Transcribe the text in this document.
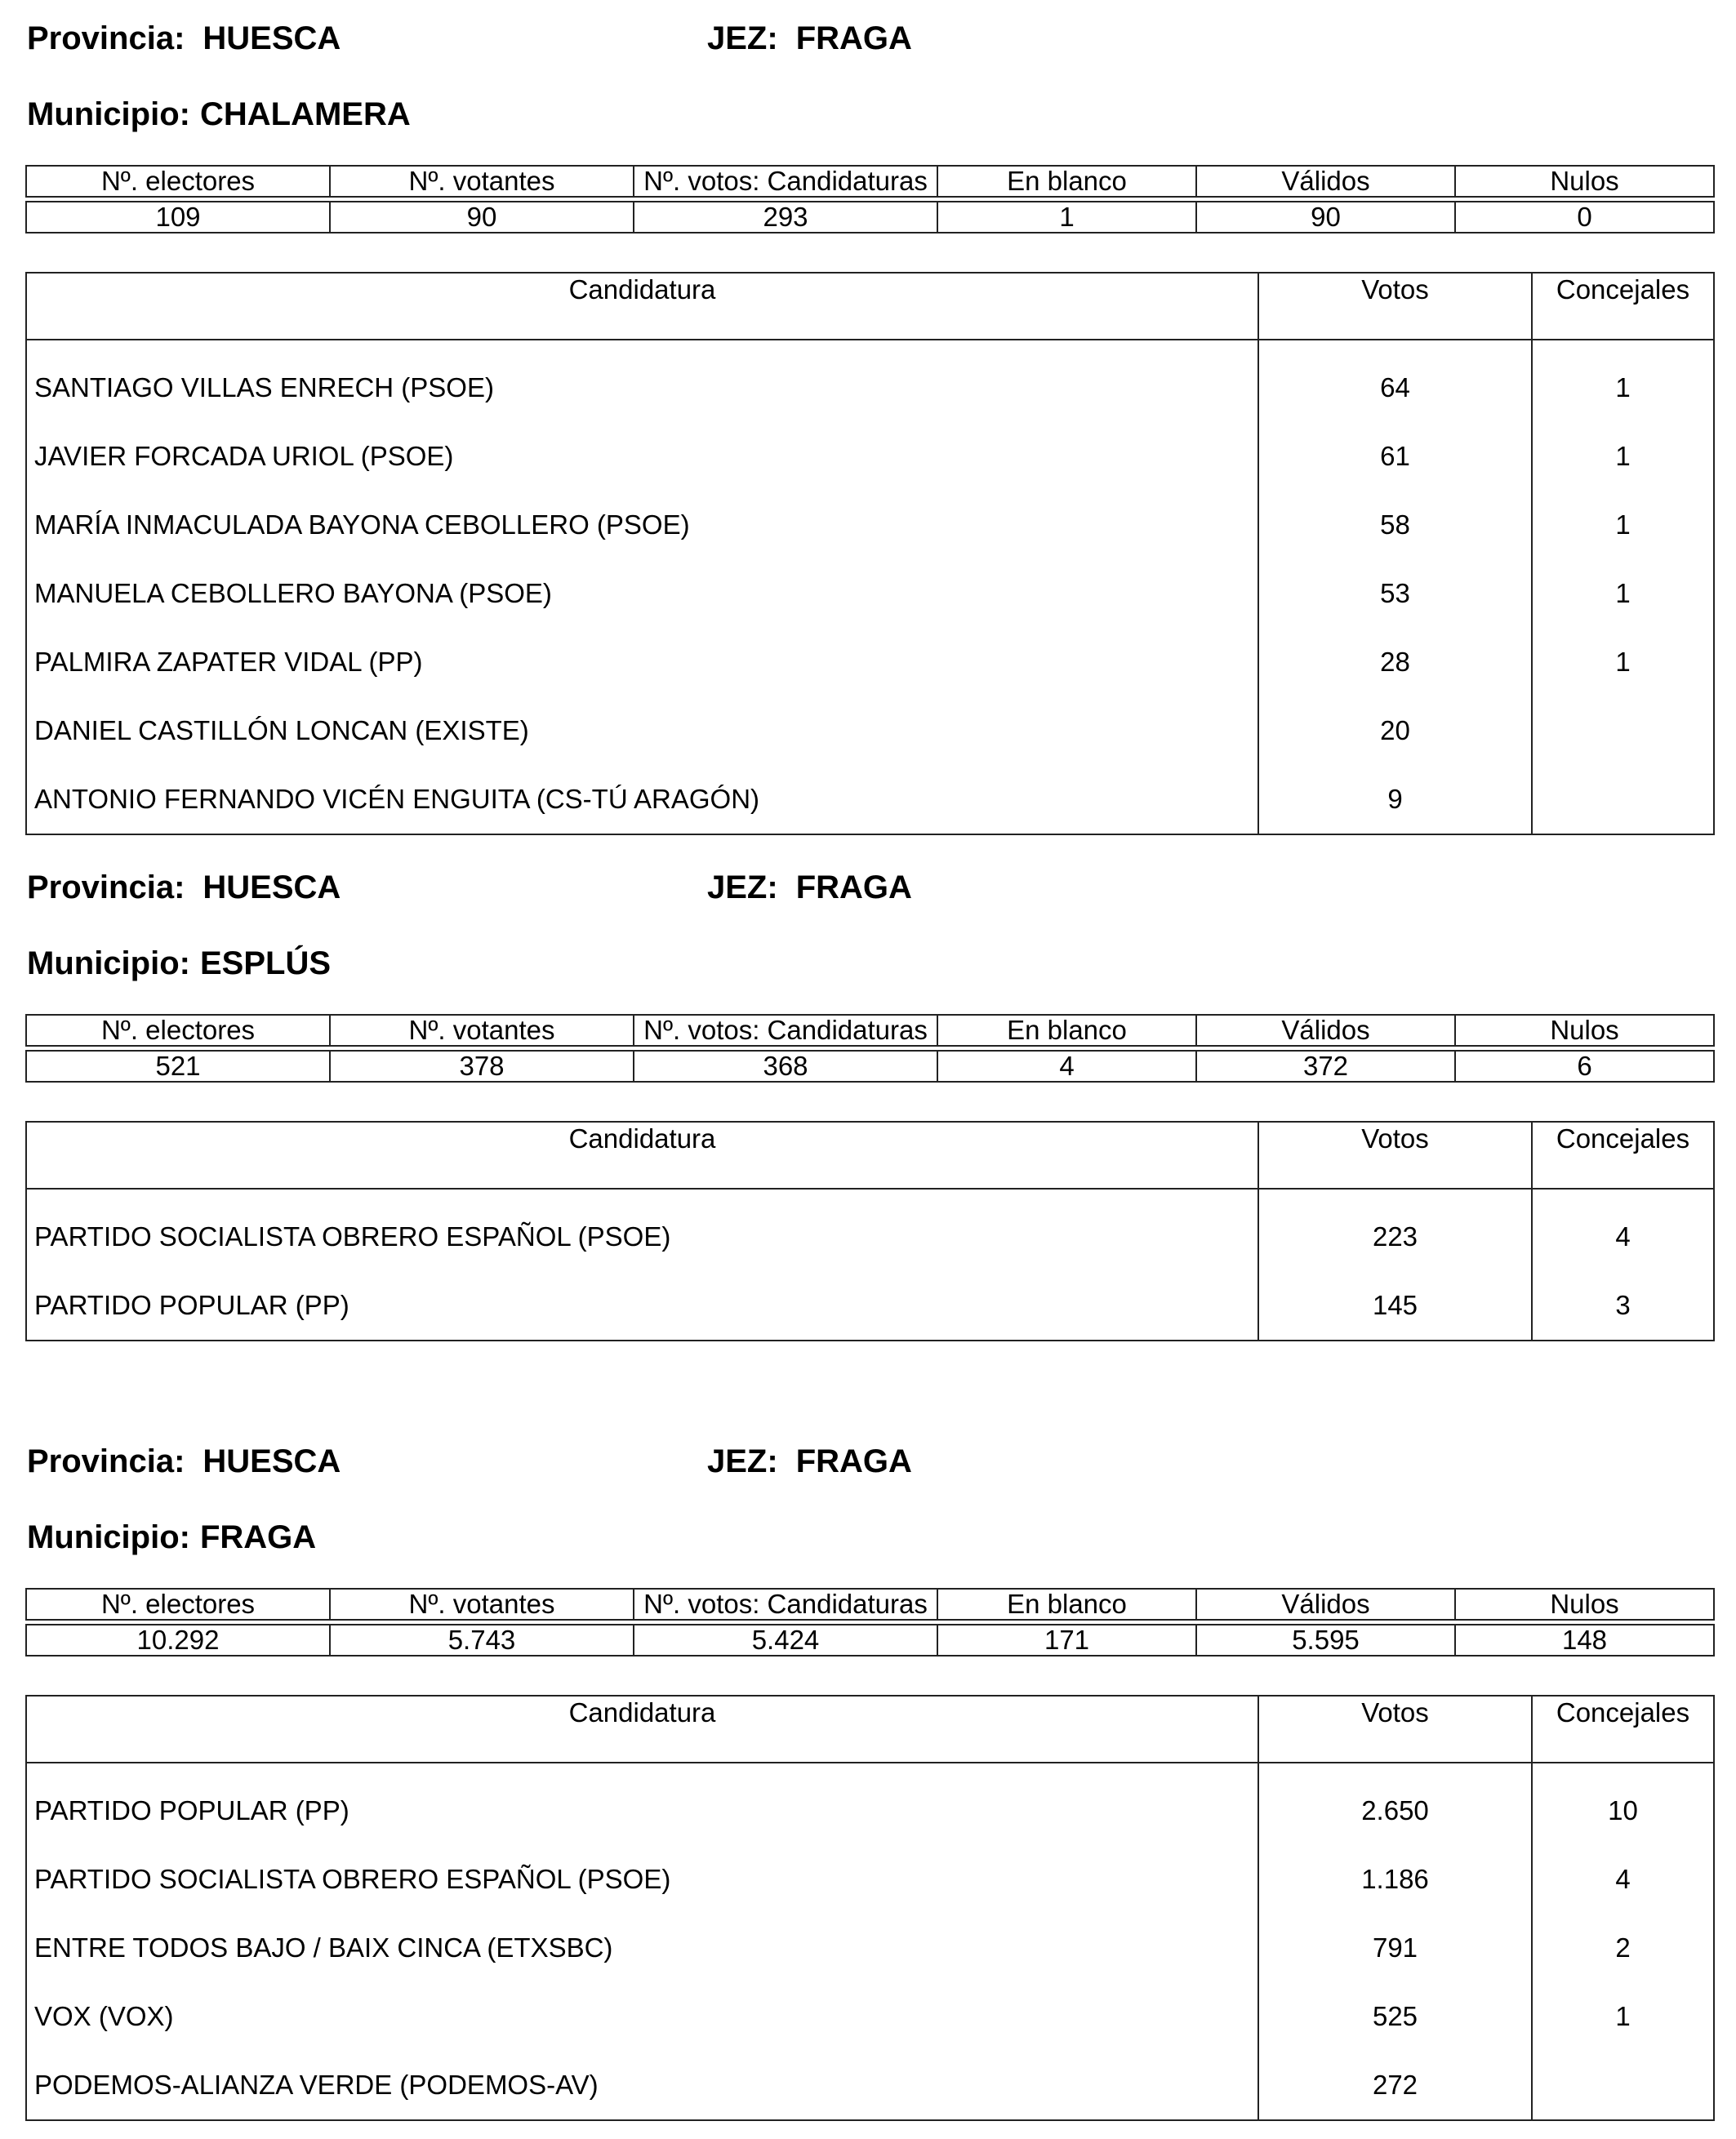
Provincia: HUESCA	JEZ: FRAGA
Municipio: CHALAMERA
Nº. electores	Nº. votantes	Nº. votos: Candidaturas	En blanco	Válidos	Nulos

109	90	293	1	90	0
Candidatura	Votos	Concejales
SANTIAGO VILLAS ENRECH (PSOE)	64	1
JAVIER FORCADA URIOL (PSOE)	61	1
MARÍA INMACULADA BAYONA CEBOLLERO (PSOE)	58	1
MANUELA CEBOLLERO BAYONA (PSOE)	53	1
PALMIRA ZAPATER VIDAL (PP)	28	1
DANIEL CASTILLÓN LONCAN (EXISTE)	20	
ANTONIO FERNANDO VICÉN ENGUITA (CS-TÚ ARAGÓN)	9	
Provincia: HUESCA	JEZ: FRAGA
Municipio: ESPLÚS
Nº. electores	Nº. votantes	Nº. votos: Candidaturas	En blanco	Válidos	Nulos

521	378	368	4	372	6
Candidatura	Votos	Concejales
PARTIDO SOCIALISTA OBRERO ESPAÑOL (PSOE)	223	4
PARTIDO POPULAR (PP)	145	3
Provincia: HUESCA	JEZ: FRAGA
Municipio: FRAGA
Nº. electores	Nº. votantes	Nº. votos: Candidaturas	En blanco	Válidos	Nulos

10.292	5.743	5.424	171	5.595	148
Candidatura	Votos	Concejales
PARTIDO POPULAR (PP)	2.650	10
PARTIDO SOCIALISTA OBRERO ESPAÑOL (PSOE)	1.186	4
ENTRE TODOS BAJO / BAIX CINCA (ETXSBC)	791	2
VOX (VOX)	525	1
PODEMOS-ALIANZA VERDE (PODEMOS-AV)	272	
